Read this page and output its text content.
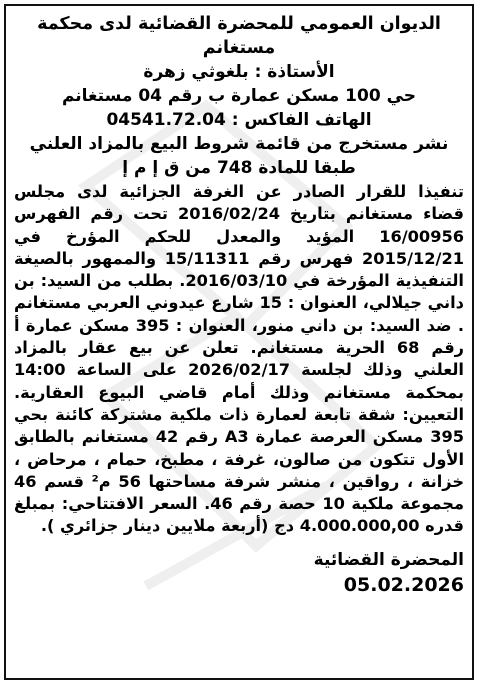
الديوان العمومي للمحضرة القضائية لدى محكمة مستغانم
الأستاذة : بلغوثي زهرة
حي 100 مسكن عمارة ب رقم 04 مستغانم
الهاتف الفاكس : 04541.72.04
نشر مستخرج من قائمة شروط البيع بالمزاد العلني
طبقا للمادة 748 من ق إ م إ
تنفيذا للقرار الصادر عن الغرفة الجزائية لدى مجلس قضاء مستغانم بتاريخ 2016/02/24 تحت رقم الفهرس 16/00956 المؤيد والمعدل للحكم المؤرخ في 2015/12/21 فهرس رقم 15/11311 والممهور بالصيغة التنفيذية المؤرخة في 2016/03/10. بطلب من السيد: بن داني جيلالي، العنوان : 15 شارع عيدوني العربي مستغانم . ضد السيد: بن داني منور، العنوان : 395 مسكن عمارة أ رقم 68 الحرية مستغانم. تعلن عن بيع عقار بالمزاد العلني وذلك لجلسة 2026/02/17 على الساعة 14:00 بمحكمة مستغانم وذلك أمام قاضي البيوع العقارية. التعيين: شقة تابعة لعمارة ذات ملكية مشتركة كائنة بحي 395 مسكن العرصة عمارة A3 رقم 42 مستغانم بالطابق الأول تتكون من صالون، غرفة ، مطبخ، حمام ، مرحاض ، خزانة ، رواقين ، منشر شرفة مساحتها 56 م² قسم 46 مجموعة ملكية 10 حصة رقم 46. السعر الافتتاحي: بمبلغ قدره 4.000.000,00 دج (أربعة ملايين دينار جزائري ).
المحضرة القضائية
05.02.2026
